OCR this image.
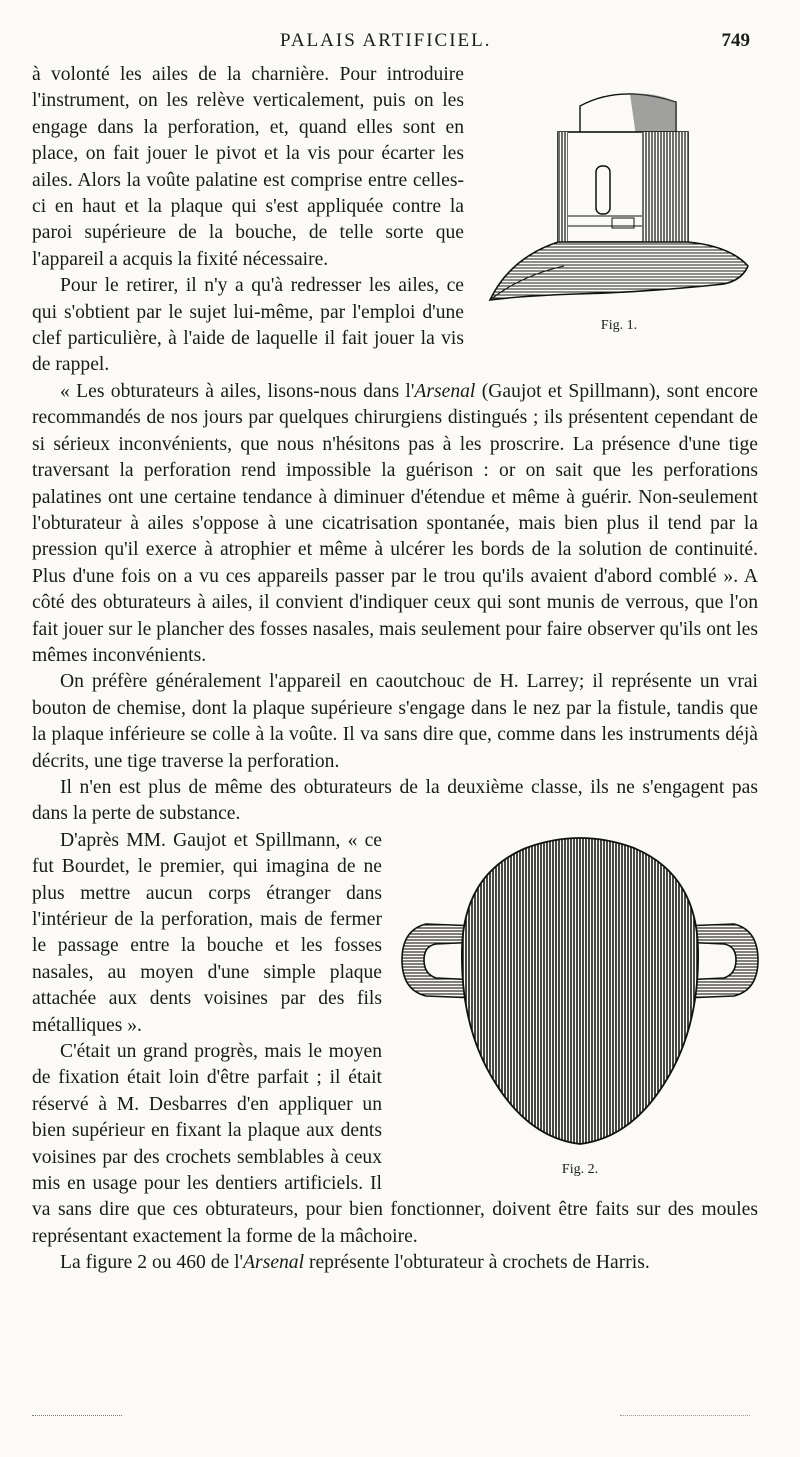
PALAIS ARTIFICIEL.	749
Fig. 1.

à volonté les ailes de la charnière. Pour introduire l'instrument, on les relève verticalement, puis on les engage dans la perforation, et, quand elles sont en place, on fait jouer le pivot et la vis pour écarter les ailes. Alors la voûte palatine est comprise entre celles-ci en haut et la plaque qui s'est appliquée contre la paroi supérieure de la bouche, de telle sorte que l'appareil a acquis la fixité nécessaire.

Pour le retirer, il n'y a qu'à redresser les ailes, ce qui s'obtient par le sujet lui-même, par l'emploi d'une clef particulière, à l'aide de laquelle il fait jouer la vis de rappel.

« Les obturateurs à ailes, lisons-nous dans l'Arsenal (Gaujot et Spillmann), sont encore recommandés de nos jours par quelques chirurgiens distingués ; ils présentent cependant de si sérieux inconvénients, que nous n'hésitons pas à les proscrire. La présence d'une tige traversant la perforation rend impossible la guérison : or on sait que les perforations palatines ont une certaine tendance à diminuer d'étendue et même à guérir. Non-seulement l'obturateur à ailes s'oppose à une cicatrisation spontanée, mais bien plus il tend par la pression qu'il exerce à atrophier et même à ulcérer les bords de la solution de continuité. Plus d'une fois on a vu ces appareils passer par le trou qu'ils avaient d'abord comblé ». A côté des obturateurs à ailes, il convient d'indiquer ceux qui sont munis de verrous, que l'on fait jouer sur le plancher des fosses nasales, mais seulement pour faire observer qu'ils ont les mêmes inconvénients.

On préfère généralement l'appareil en caoutchouc de H. Larrey; il représente un vrai bouton de chemise, dont la plaque supérieure s'engage dans le nez par la fistule, tandis que la plaque inférieure se colle à la voûte. Il va sans dire que, comme dans les instruments déjà décrits, une tige traverse la perforation.

Il n'en est plus de même des obturateurs de la deuxième classe, ils ne s'engagent pas dans la perte de substance.

Fig. 2.

D'après MM. Gaujot et Spillmann, « ce fut Bourdet, le premier, qui imagina de ne plus mettre aucun corps étranger dans l'intérieur de la perforation, mais de fermer le passage entre la bouche et les fosses nasales, au moyen d'une simple plaque attachée aux dents voisines par des fils métalliques ».

C'était un grand progrès, mais le moyen de fixation était loin d'être parfait ; il était réservé à M. Desbarres d'en appliquer un bien supérieur en fixant la plaque aux dents voisines par des crochets semblables à ceux mis en usage pour les dentiers artificiels. Il va sans dire que ces obturateurs, pour bien fonctionner, doivent être faits sur des moules représentant exactement la forme de la mâchoire.

La figure 2 ou 460 de l'Arsenal représente l'obturateur à crochets de Harris.
